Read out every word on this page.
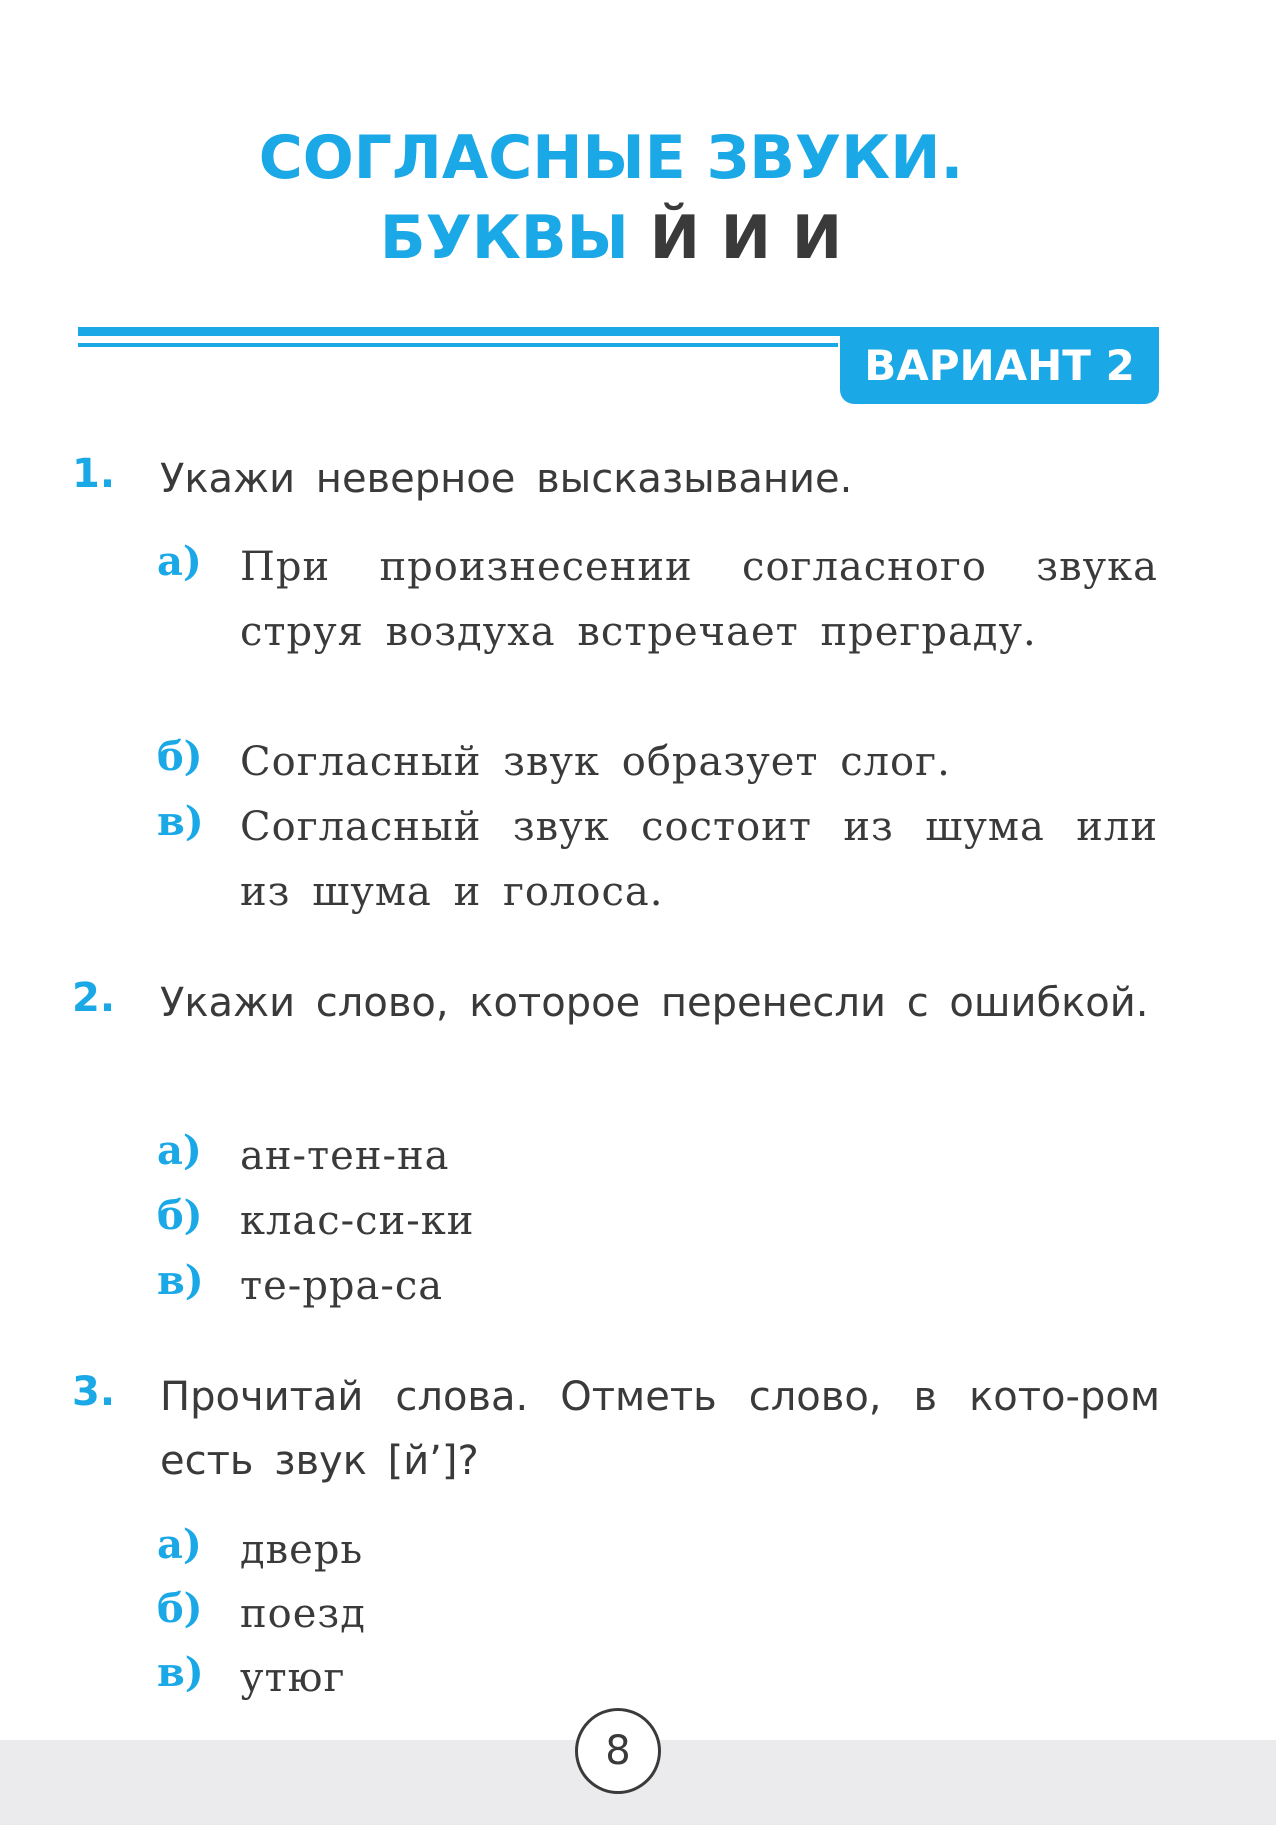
СОГЛАСНЫЕ ЗВУКИ.
БУКВЫ Й И И
ВАРИАНТ 2
1. Укажи неверное высказывание.
а) При произнесении согласного звука струя воздуха встречает преграду.
б) Согласный звук образует слог.
в) Согласный звук состоит из шума или из шума и голоса.
2. Укажи слово, которое перенесли с ошибкой.
а) ан-тен-на
б) клас-си-ки
в) те-рра-са
3. Прочитай слова. Отметь слово, в кото-ром есть звук [й’]?
а) дверь
б) поезд
в) утюг
8
